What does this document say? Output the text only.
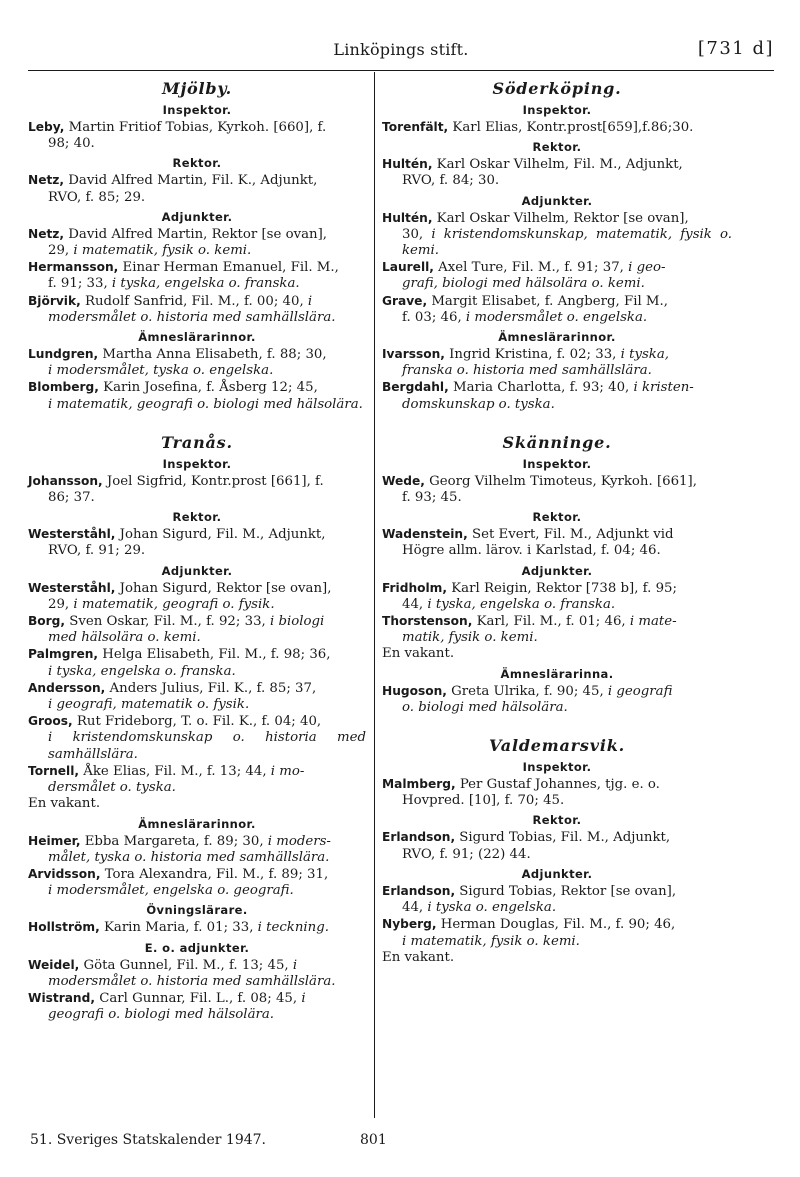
Linköpings stift.	[731 d]
Mjölby.
Inspektor.
Leby, Martin Fritiof Tobias, Kyrkoh. [660], f.
98; 40.
Rektor.
Netz, David Alfred Martin, Fil. K., Adjunkt,
RVO, f. 85; 29.
Adjunkter.
Netz, David Alfred Martin, Rektor [se ovan],
29, i matematik, fysik o. kemi.
Hermansson, Einar Herman Emanuel, Fil. M.,
f. 91; 33, i tyska, engelska o. franska.
Björvik, Rudolf Sanfrid, Fil. M., f. 00; 40, i
modersmålet o. historia med samhällslära.
Ämneslärarinnor.
Lundgren, Martha Anna Elisabeth, f. 88; 30,
i modersmålet, tyska o. engelska.
Blomberg, Karin Josefina, f. Åsberg 12; 45,
i matematik, geografi o. biologi med hälsolära.
Tranås.
Inspektor.
Johansson, Joel Sigfrid, Kontr.prost [661], f.
86; 37.
Rektor.
Westerståhl, Johan Sigurd, Fil. M., Adjunkt,
RVO, f. 91; 29.
Adjunkter.
Westerståhl, Johan Sigurd, Rektor [se ovan],
29, i matematik, geografi o. fysik.
Borg, Sven Oskar, Fil. M., f. 92; 33, i biologi
med hälsolära o. kemi.
Palmgren, Helga Elisabeth, Fil. M., f. 98; 36,
i tyska, engelska o. franska.
Andersson, Anders Julius, Fil. K., f. 85; 37,
i geografi, matematik o. fysik.
Groos, Rut Frideborg, T. o. Fil. K., f. 04; 40,
i kristendomskunskap o. historia med samhällslära.
Tornell, Åke Elias, Fil. M., f. 13; 44, i mo-
dersmålet o. tyska.
En vakant.
Ämneslärarinnor.
Heimer, Ebba Margareta, f. 89; 30, i moders-
målet, tyska o. historia med samhällslära.
Arvidsson, Tora Alexandra, Fil. M., f. 89; 31,
i modersmålet, engelska o. geografi.
Övningslärare.
Hollström, Karin Maria, f. 01; 33, i teckning.
E. o. adjunkter.
Weidel, Göta Gunnel, Fil. M., f. 13; 45, i
modersmålet o. historia med samhällslära.
Wistrand, Carl Gunnar, Fil. L., f. 08; 45, i
geografi o. biologi med hälsolära.
Söderköping.
Inspektor.
Torenfält, Karl Elias, Kontr.prost[659],f.86;30.
Rektor.
Hultén, Karl Oskar Vilhelm, Fil. M., Adjunkt,
RVO, f. 84; 30.
Adjunkter.
Hultén, Karl Oskar Vilhelm, Rektor [se ovan],
30, i kristendomskunskap, matematik, fysik o. kemi.
Laurell, Axel Ture, Fil. M., f. 91; 37, i geo-
grafi, biologi med hälsolära o. kemi.
Grave, Margit Elisabet, f. Angberg, Fil M.,
f. 03; 46, i modersmålet o. engelska.
Ämneslärarinnor.
Ivarsson, Ingrid Kristina, f. 02; 33, i tyska,
franska o. historia med samhällslära.
Bergdahl, Maria Charlotta, f. 93; 40, i kristen-
domskunskap o. tyska.
Skänninge.
Inspektor.
Wede, Georg Vilhelm Timoteus, Kyrkoh. [661],
f. 93; 45.
Rektor.
Wadenstein, Set Evert, Fil. M., Adjunkt vid
Högre allm. lärov. i Karlstad, f. 04; 46.
Adjunkter.
Fridholm, Karl Reigin, Rektor [738 b], f. 95;
44, i tyska, engelska o. franska.
Thorstenson, Karl, Fil. M., f. 01; 46, i mate-
matik, fysik o. kemi.
En vakant.
Ämneslärarinna.
Hugoson, Greta Ulrika, f. 90; 45, i geografi
o. biologi med hälsolära.
Valdemarsvik.
Inspektor.
Malmberg, Per Gustaf Johannes, tjg. e. o.
Hovpred. [10], f. 70; 45.
Rektor.
Erlandson, Sigurd Tobias, Fil. M., Adjunkt,
RVO, f. 91; (22) 44.
Adjunkter.
Erlandson, Sigurd Tobias, Rektor [se ovan],
44, i tyska o. engelska.
Nyberg, Herman Douglas, Fil. M., f. 90; 46,
i matematik, fysik o. kemi.
En vakant.
51. Sveriges Statskalender 1947.	801
